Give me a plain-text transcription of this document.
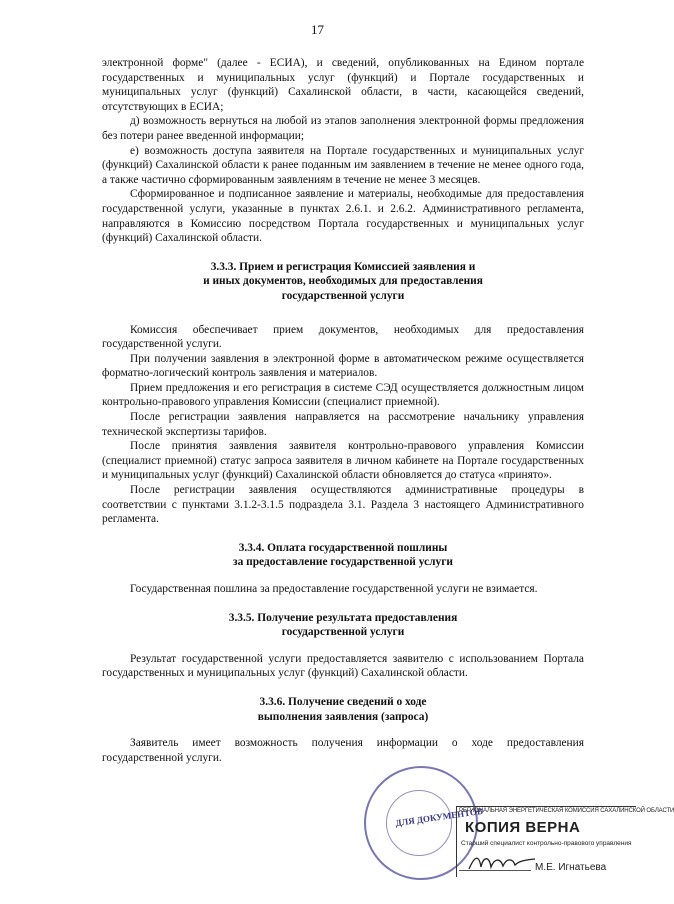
17

электронной форме" (далее - ЕСИА), и сведений, опубликованных на Едином портале государственных и муниципальных услуг (функций) и Портале государственных и муниципальных услуг (функций) Сахалинской области, в части, касающейся сведений, отсутствующих в ЕСИА;

д) возможность вернуться на любой из этапов заполнения электронной формы предложения без потери ранее введенной информации;

е) возможность доступа заявителя на Портале государственных и муниципальных услуг (функций) Сахалинской области к ранее поданным им заявлением в течение не менее одного года, а также частично сформированным заявлениям в течение не менее 3 месяцев.

Сформированное и подписанное заявление и материалы, необходимые для предоставления государственной услуги, указанные в пунктах 2.6.1. и 2.6.2. Административного регламента, направляются в Комиссию посредством Портала государственных и муниципальных услуг (функций) Сахалинской области.

3.3.3. Прием и регистрация Комиссией заявления и
и иных документов, необходимых для предоставления
государственной услуги

Комиссия обеспечивает прием документов, необходимых для предоставления государственной услуги.

При получении заявления в электронной форме в автоматическом режиме осуществляется форматно-логический контроль заявления и материалов.

Прием предложения и его регистрация в системе СЭД осуществляется должностным лицом контрольно-правового управления Комиссии (специалист приемной).

После регистрации заявления направляется на рассмотрение начальнику управления технической экспертизы тарифов.

После принятия заявления заявителя контрольно-правового управления Комиссии (специалист приемной) статус запроса заявителя в личном кабинете на Портале государственных и муниципальных услуг (функций) Сахалинской области обновляется до статуса «принято».

После регистрации заявления осуществляются административные процедуры в соответствии с пунктами 3.1.2-3.1.5 подраздела 3.1. Раздела 3 настоящего Административного регламента.

3.3.4. Оплата государственной пошлины
за предоставление государственной услуги

Государственная пошлина за предоставление государственной услуги не взимается.

3.3.5. Получение результата предоставления
государственной услуги

Результат государственной услуги предоставляется заявителю с использованием Портала государственных и муниципальных услуг (функций) Сахалинской области.

3.3.6. Получение сведений о ходе
выполнения заявления (запроса)

Заявитель имеет возможность получения информации о ходе предоставления государственной услуги.

ДЛЯ ДОКУМЕНТОВ
РЕГИОНАЛЬНАЯ ЭНЕРГЕТИЧЕСКАЯ КОМИССИЯ САХАЛИНСКОЙ ОБЛАСТИ
КОПИЯ ВЕРНА
Старший специалист контрольно-правового управления
М.Е. Игнатьева
